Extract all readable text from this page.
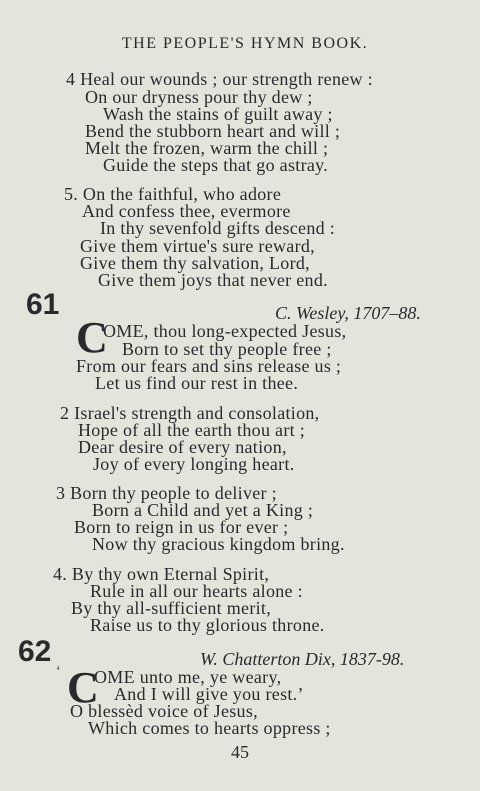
THE PEOPLE'S HYMN BOOK.
4 Heal our wounds ; our strength renew :
On our dryness pour thy dew ;
Wash the stains of guilt away ;
Bend the stubborn heart and will ;
Melt the frozen, warm the chill ;
Guide the steps that go astray.
5. On the faithful, who adore
And confess thee, evermore
In thy sevenfold gifts descend :
Give them virtue's sure reward,
Give them thy salvation, Lord,
Give them joys that never end.
61	C. Wesley, 1707–88.
C
OME, thou long-expected Jesus,
Born to set thy people free ;
From our fears and sins release us ;
Let us find our rest in thee.
2 Israel's strength and consolation,
Hope of all the earth thou art ;
Dear desire of every nation,
Joy of every longing heart.
3 Born thy people to deliver ;
Born a Child and yet a King ;
Born to reign in us for ever ;
Now thy gracious kingdom bring.
4. By thy own Eternal Spirit,
Rule in all our hearts alone :
By thy all-sufficient merit,
Raise us to thy glorious throne.
62	W. Chatterton Dix, 1837-98.
‘ C
OME unto me, ye weary,
And I will give you rest.’
O blessèd voice of Jesus,
Which comes to hearts oppress ;
45
